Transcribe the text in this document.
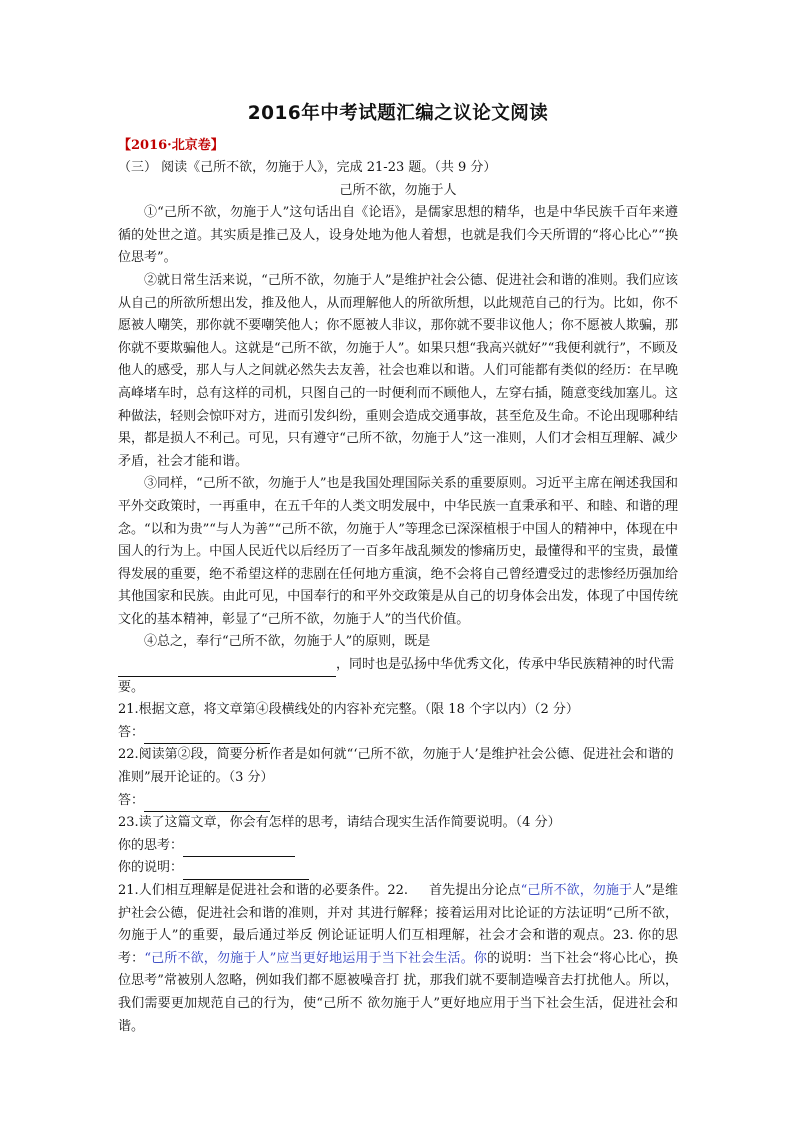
2016年中考试题汇编之议论文阅读
【2016·北京卷】
（三） 阅读《己所不欲，勿施于人》，完成 21-23 题。（共 9 分）
己所不欲，勿施于人
①“己所不欲，勿施于人”这句话出自《论语》，是儒家思想的精华，也是中华民族千百年来遵循的处世之道。其实质是推己及人，设身处地为他人着想，也就是我们今天所谓的“将心比心”“换位思考”。
②就日常生活来说，“己所不欲，勿施于人”是维护社会公德、促进社会和谐的准则。我们应该从自己的所欲所想出发，推及他人，从而理解他人的所欲所想，以此规范自己的行为。比如，你不愿被人嘲笑，那你就不要嘲笑他人；你不愿被人非议，那你就不要非议他人；你不愿被人欺骗，那你就不要欺骗他人。这就是“己所不欲，勿施于人”。如果只想“我高兴就好”“我便利就行”，不顾及他人的感受，那人与人之间就必然失去友善，社会也难以和谐。人们可能都有类似的经历：在早晚高峰堵车时，总有这样的司机，只图自己的一时便利而不顾他人，左穿右插，随意变线加塞儿。这种做法，轻则会惊吓对方，进而引发纠纷，重则会造成交通事故，甚至危及生命。不论出现哪种结果，都是损人不利己。可见，只有遵守“己所不欲，勿施于人”这一准则，人们才会相互理解、减少矛盾，社会才能和谐。
③同样，“己所不欲，勿施于人”也是我国处理国际关系的重要原则。习近平主席在阐述我国和平外交政策时，一再重申，在五千年的人类文明发展中，中华民族一直秉承和平、和睦、和谐的理念。“以和为贵”“与人为善”“己所不欲，勿施于人”等理念已深深植根于中国人的精神中，体现在中国人的行为上。中国人民近代以后经历了一百多年战乱频发的惨痛历史，最懂得和平的宝贵，最懂得发展的重要，绝不希望这样的悲剧在任何地方重演，绝不会将自己曾经遭受过的悲惨经历强加给其他国家和民族。由此可见，中国奉行的和平外交政策是从自己的切身体会出发，体现了中国传统文化的基本精神，彰显了“己所不欲，勿施于人”的当代价值。
④总之，奉行“己所不欲，勿施于人”的原则，既是
，同时也是弘扬中华优秀文化，传承中华民族精神的时代需要。
21.根据文意，将文章第④段横线处的内容补充完整。（限 18 个字以内）（2 分）
答：
22.阅读第②段，简要分析作者是如何就“‘己所不欲，勿施于人’是维护社会公德、促进社会和谐的准则”展开论证的。（3 分）
答：
23.读了这篇文章，你会有怎样的思考，请结合现实生活作简要说明。（4 分）
你的思考：
你的说明：
21.人们相互理解是促进社会和谐的必要条件。22. 首先提出分论点“己所不欲，勿施于人”是维护社会公德，促进社会和谐的准则，并对 其进行解释；接着运用对比论证的方法证明“己所不欲，勿施于人”的重要，最后通过举反 例论证证明人们互相理解，社会才会和谐的观点。23. 你的思考：“己所不欲，勿施于人”应当更好地运用于当下社会生活。你的说明：当下社会“将心比心，换位思考”常被别人忽略，例如我们都不愿被噪音打 扰，那我们就不要制造噪音去打扰他人。所以，我们需要更加规范自己的行为，使“己所不 欲勿施于人”更好地应用于当下社会生活，促进社会和谐。
